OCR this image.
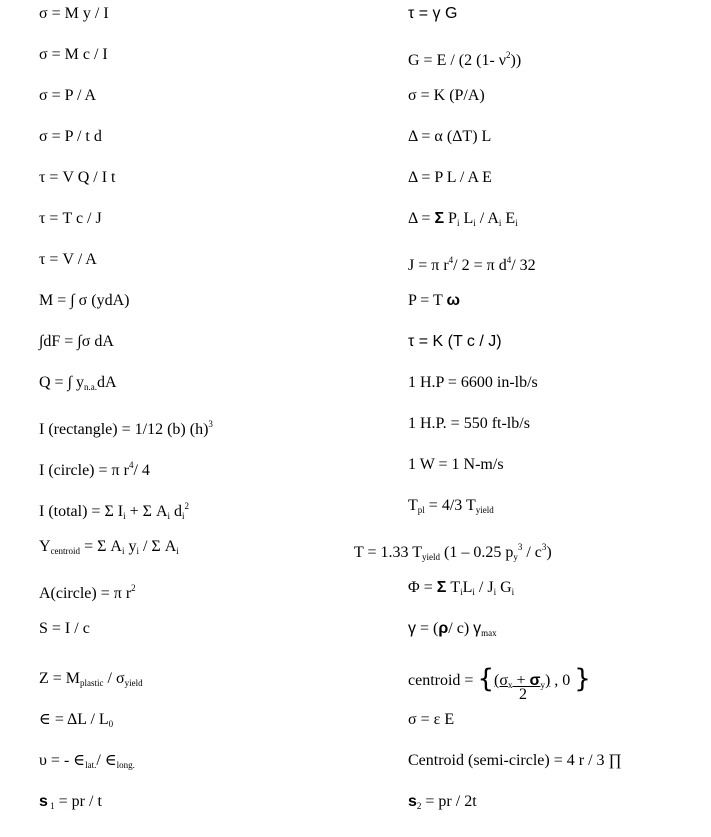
σ = M y / I	τ = γ G
σ = M c / I	G = E / (2 (1- $\nu^2$))
σ = P / A	σ = K (P/A)
σ = P / t d	Δ = α (ΔT) L
τ = V Q / I t	Δ = P L / A E
τ = T c / J	Δ = Σ $P_i$ $L_i / A_i$ $E_i$
τ = V / A	J = π $r^4/$ 2 = π $d^4/$ 32
M = ∫ σ (ydA)	P = T ω
∫dF = ∫σ dA	τ = K (T c / J)
Q = ∫ $y_{n.a.}dA$	1 H.P = 6600 in-lb/s
I (rectangle) = 1/12 (b) $(h)^3$	1 H.P. = 550 ft-lb/s
I (circle) = π $r^4/$ 4	1 W = 1 N-m/s
I (total) = Σ $I_i + \Sigma$ $A_i$ $d_i^2$	$T_{pl} = 4/3$ $T_{yield}$
$Y_{centroid} = \Sigma$ $A_i$ $y_i$ / Σ $A_i$	T = 1.33 $T_{yield}$ (1 – 0.25 $p_y^3 / c^3$)
A(circle) = π $r^2$	Φ = Σ $T_iL_i / J_i$ $G_i$
S = I / c	γ = (ρ/ c) $\gamma_{max}$
$Z = M_{plastic} / \sigma_{yield}$	centroid = {$(\sigma_x + \sigma_y)$ , 0 }
2
∈ = ΔL / $L_0$	σ = ε E
υ = - $\in_{lat.}/$ $\in_{long.}$	Centroid (semi-circle) = 4 r / 3 ∏
s $_1$ = pr / t	$s_2$ = pr / 2t
